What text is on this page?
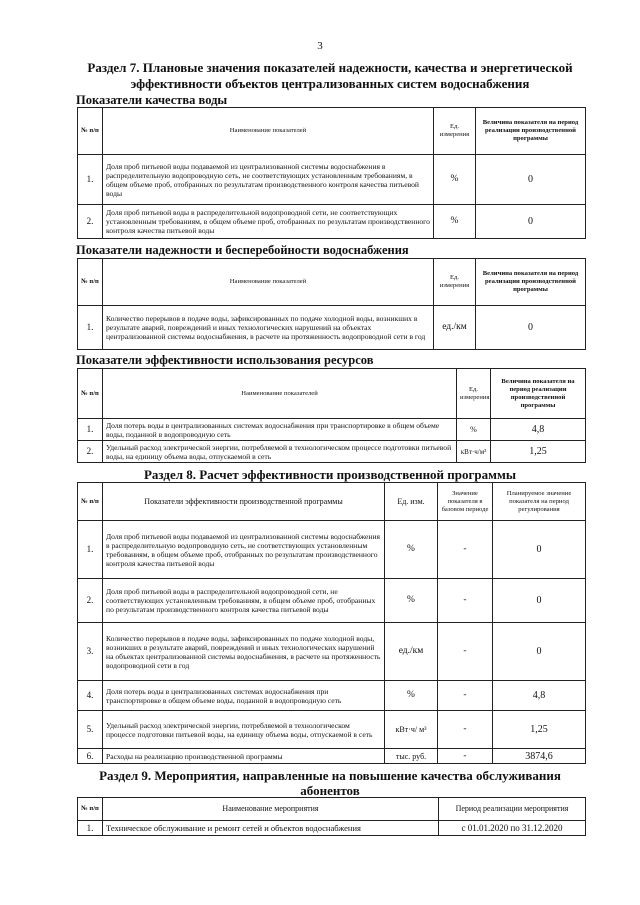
3
Раздел 7. Плановые значения показателей надежности, качества и энергетической
эффективности объектов централизованных систем водоснабжения
Показатели качества воды
№ п/п	Наименование показателей	Ед. измерения	Величина показателя на период реализации производственной программы
1.	Доля проб питьевой воды подаваемой из централизованной системы водоснабжения в распределительную водопроводную сеть, не соответствующих установленным требованиям, в общем объеме проб, отобранных по результатам производственного контроля качества питьевой воды	%	0
2.	Доля проб питьевой воды в распределительной водопроводной сети, не соответствующих установленным требованиям, в общем объеме проб, отобранных по результатам производственного контроля качества питьевой воды	%	0
Показатели надежности и бесперебойности водоснабжения
№ п/п	Наименование показателей	Ед. измерения	Величина показателя на период реализации производственной программы
1.	Количество перерывов в подаче воды, зафиксированных по подаче холодной воды, возникших в результате аварий, повреждений и иных технологических нарушений на объектах централизованной системы водоснабжения, в расчете на протяженность водопроводной сети в год	ед./км	0
Показатели эффективности использования ресурсов
№ п/п	Наименование показателей	Ед. измерения	Величина показателя на период реализации производственной программы
1.	Доля потерь воды в централизованных системах водоснабжения при транспортировке в общем объеме воды, поданной в водопроводную сеть	%	4,8
2.	Удельный расход электрической энергии, потребляемой в технологическом процессе подготовки питьевой воды, на единицу объема воды, отпускаемой в сеть	кВт·ч/м³	1,25
Раздел 8. Расчет эффективности производственной программы
№ п/п	Показатели эффективности производственной программы	Ед. изм.	Значение показателя в базовом периоде	Планируемое значение показателя на период регулирования
1.	Доля проб питьевой воды подаваемой из централизованной системы водоснабжения в распределительную водопроводную сеть, не соответствующих установленным требованиям, в общем объеме проб, отобранных по результатам производственного контроля качества питьевой воды	%	-	0
2.	Доля проб питьевой воды в распределительной водопроводной сети, не соответствующих установленным требованиям, в общем объеме проб, отобранных по результатам производственного контроля качества питьевой воды	%	-	0
3.	Количество перерывов в подаче воды, зафиксированных по подаче холодной воды, возникших в результате аварий, повреждений и иных технологических нарушений на объектах централизованной системы водоснабжения, в расчете на протяженность водопроводной сети в год	ед./км	-	0
4.	Доля потерь воды в централизованных системах водоснабжения при транспортировке в общем объеме воды, поданной в водопроводную сеть	%	-	4,8
5.	Удельный расход электрической энергии, потребляемой в технологическом процессе подготовки питьевой воды, на единицу объема воды, отпускаемой в сеть	кВт·ч/ м³	-	1,25
6.	Расходы на реализацию производственной программы	тыс. руб.	-	3874,6
Раздел 9. Мероприятия, направленные на повышение качества обслуживания
абонентов
№ п/п	Наименование мероприятия	Период реализации мероприятия
1.	Техническое обслуживание и ремонт сетей и объектов водоснабжения	с 01.01.2020 по 31.12.2020
